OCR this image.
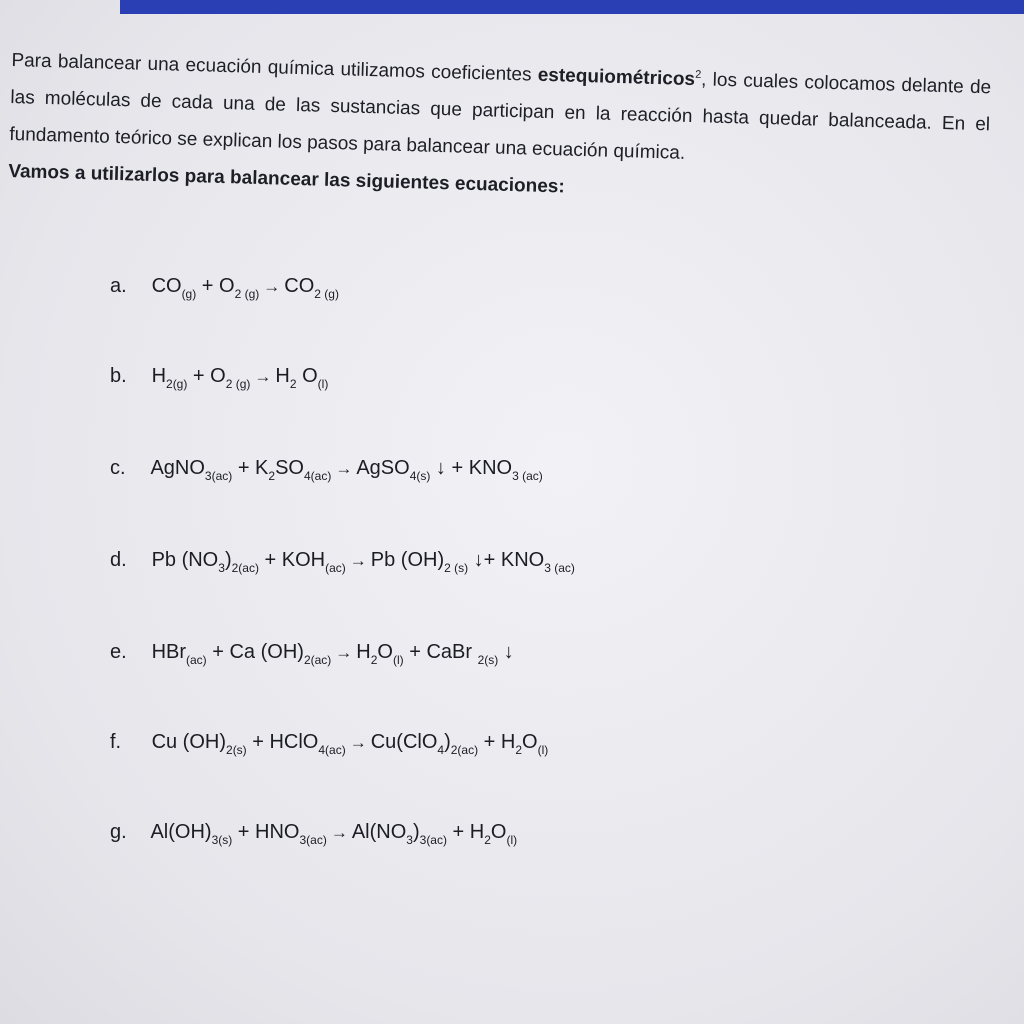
Para balancear una ecuación química utilizamos coeficientes estequiométricos$^2$, los cuales colocamos delante de las moléculas de cada una de las sustancias que participan en la reacción hasta quedar balanceada. En el fundamento teórico se explican los pasos para balancear una ecuación química.
Vamos a utilizarlos para balancear las siguientes ecuaciones:
a. $CO_{(g)} + O_{2 (g)} \to CO_{2 (g)}$
b. $H_{2(g)} + O_{2 (g)} \to H_2$ $O_{(l)}$
c. AgNO$_{3(ac)}$ + $K_2SO_{4(ac)}$ → AgSO$_{4(s)}$ ↓ + $KNO_{3 (ac)}$
d. Pb $(NO_3)_{2(ac)} + KOH_{(ac)} \to Pb$ $(OH)_{2 (s)}$ ↓+ $KNO_{3 (ac)}$
e. HBr$_{(ac)}$ + Ca $(OH)_{2(ac)} \to H_2O_{(l)}$ + CaBr $_{2(s)}$ ↓
f. Cu $(OH)_{2(s)}$ + HClO$_{4(ac)}$ → $Cu(ClO_4)_{2(ac)} + H_2O_{(l)}$
g. $Al(OH)_{3(s)} + HNO_{3(ac)} \to Al(NO_3)_{3(ac)} + H_2O_{(l)}$
